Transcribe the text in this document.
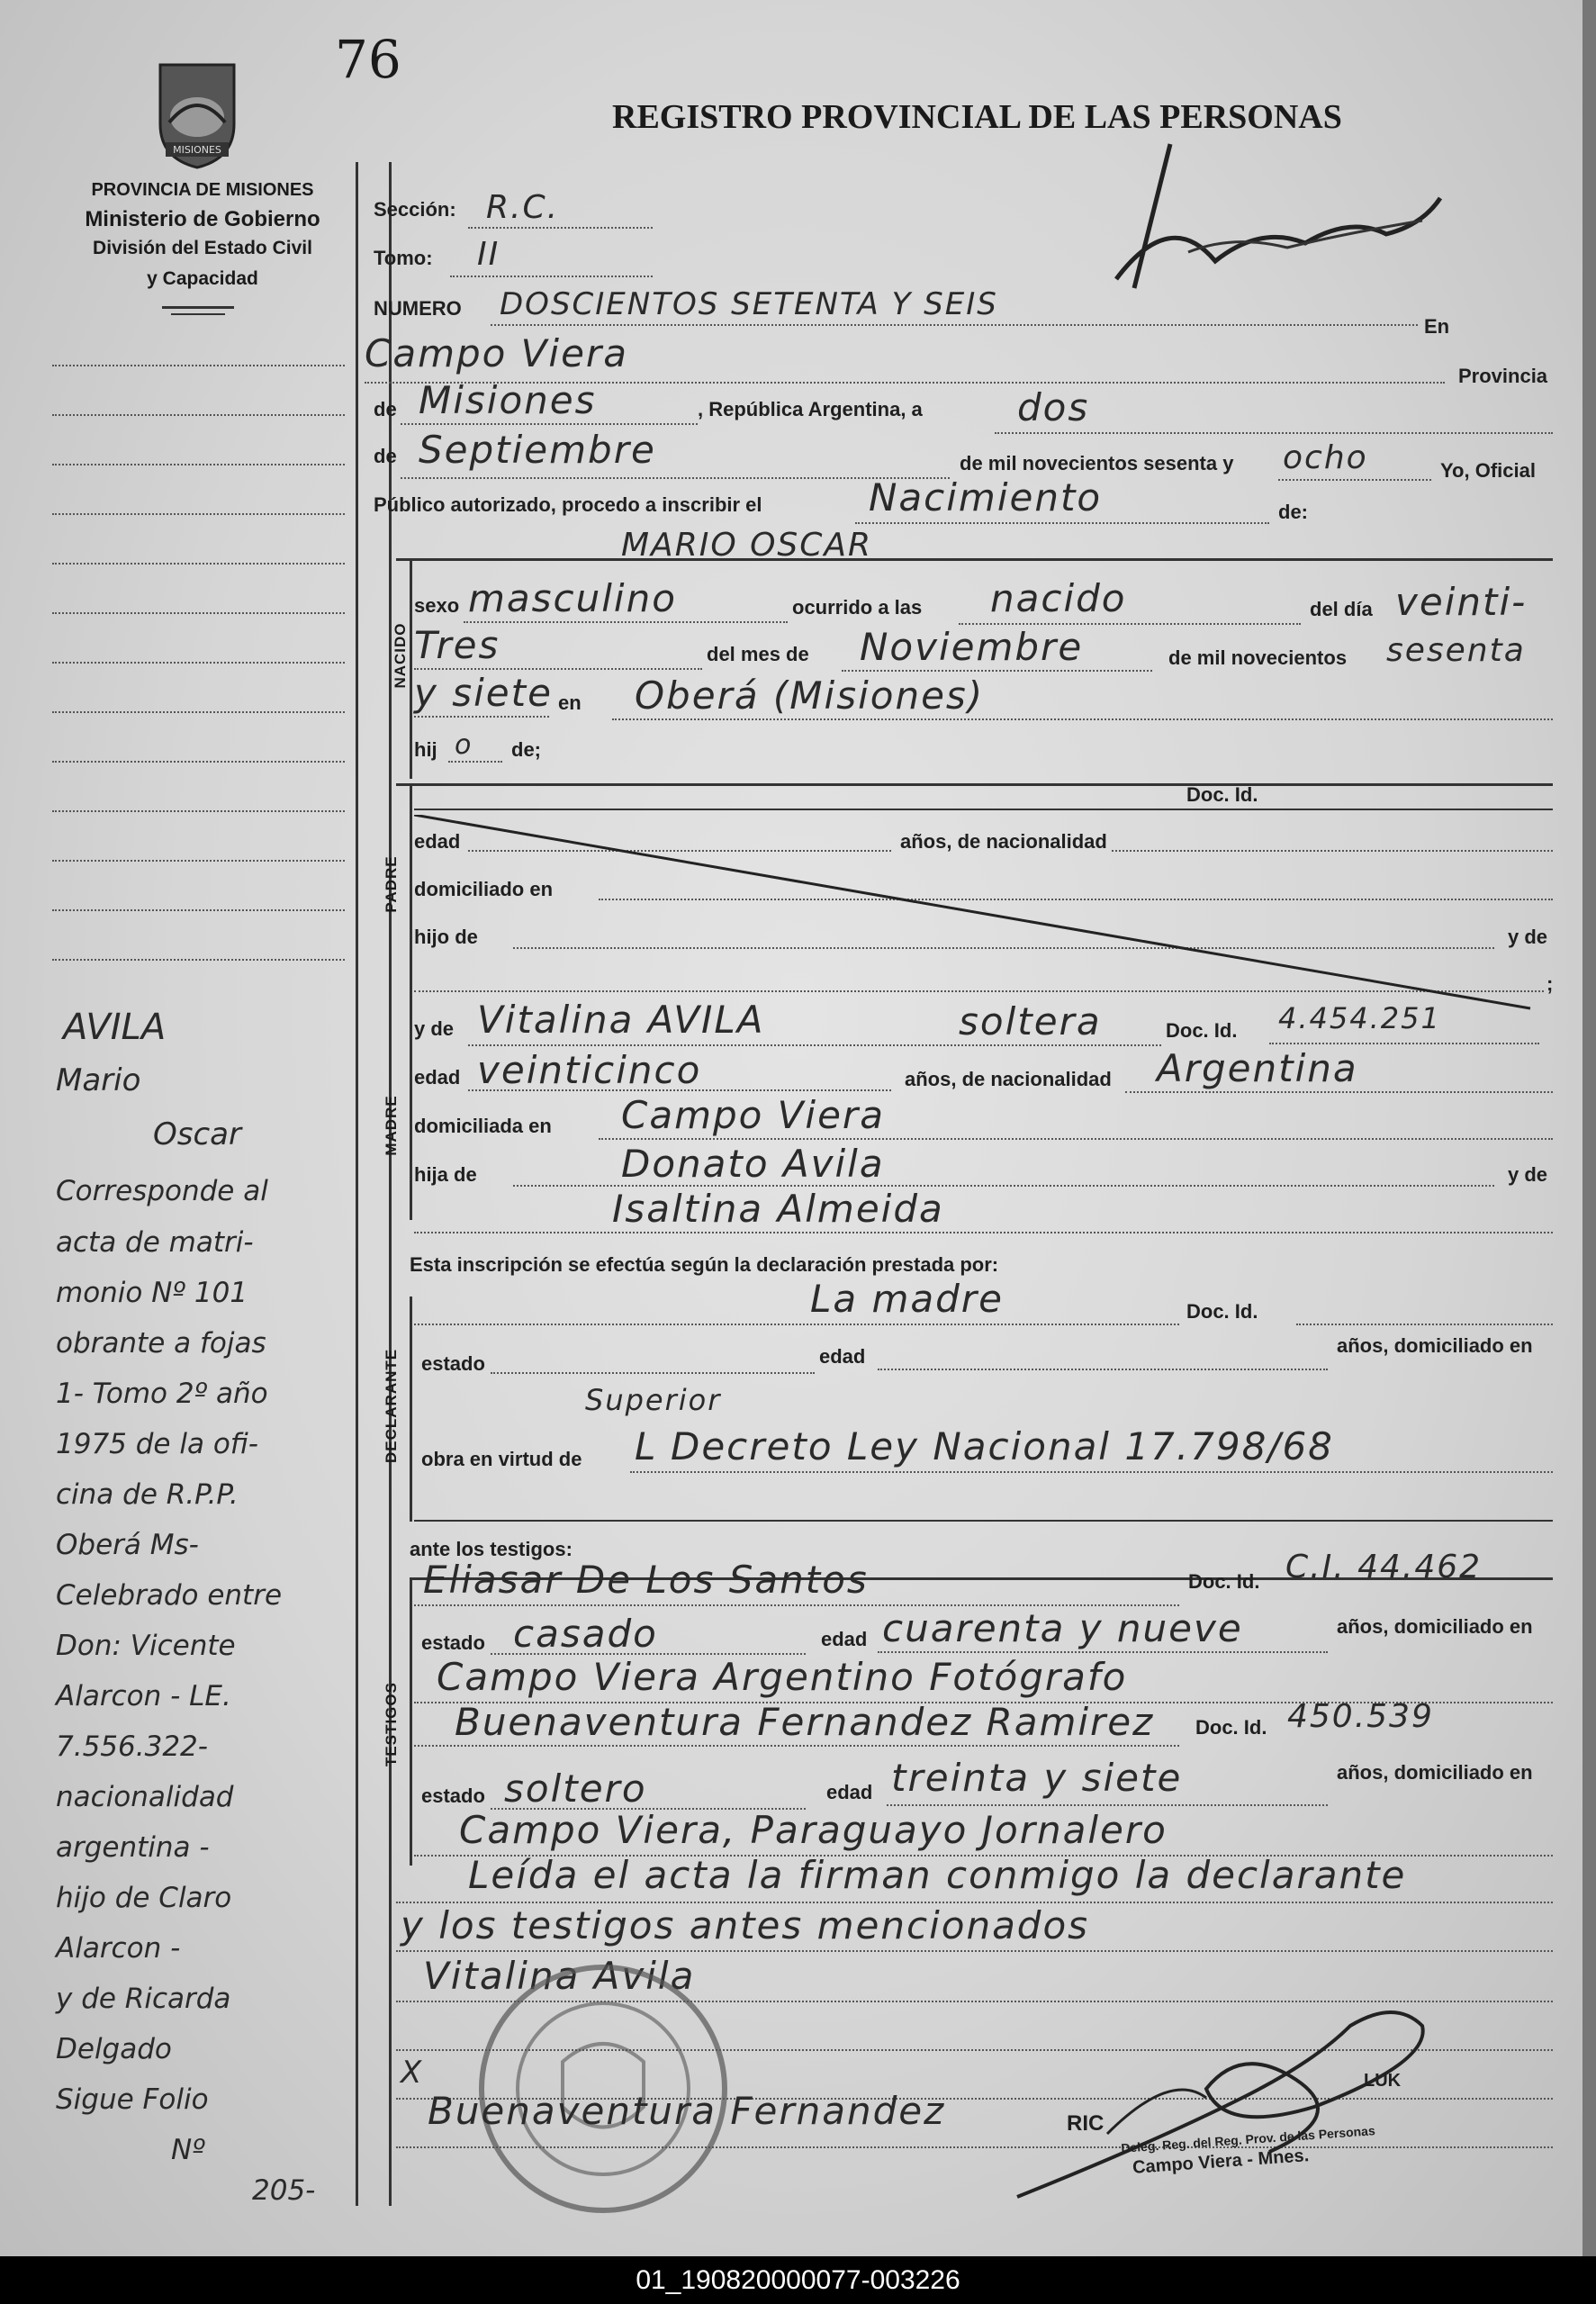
76
REGISTRO PROVINCIAL DE LAS PERSONAS
MISIONES
PROVINCIA DE MISIONES
Ministerio de Gobierno
División del Estado Civil
y Capacidad
AVILA
Mario
Oscar
Corresponde al
acta de matri-
monio Nº 101
obrante a fojas
1- Tomo 2º año
1975 de la ofi-
cina de R.P.P.
Oberá Ms-
Celebrado entre
Don: Vicente
Alarcon - LE.
7.556.322-
nacionalidad
argentina -
hijo de Claro
Alarcon -
y de Ricarda
Delgado
Sigue Folio
Nº
205-
Sección: R.C.
Tomo: II
NUMERO DOSCIENTOS SETENTA Y SEIS
En
Campo Viera
Provincia
de Misiones	, República Argentina, a	dos
de Septiembre	de mil novecientos sesenta y ocho	Yo, Oficial
Público autorizado, procedo a inscribir el	Nacimiento	de:
NACIDO
MARIO OSCAR
sexo masculino	ocurrido a las nacido	del día veinti-
Tres	del mes de Noviembre	de mil novecientos sesenta
y siete en Oberá (Misiones)
hij o de;
PADRE
Doc. Id.
edad	años, de nacionalidad
domiciliado en
hijo de	y de
;
MADRE
y de Vitalina AVILA	soltera	Doc. Id. 4.454.251
edad veinticinco	años, de nacionalidad Argentina
domiciliada en Campo Viera
hija de	Donato Avila	y de
Isaltina Almeida
Esta inscripción se efectúa según la declaración prestada por:
DECLARANTE
La madre	Doc. Id.
estado	edad	años, domiciliado en
Superior
obra en virtud de L Decreto Ley Nacional 17.798/68
ante los testigos:
TESTIGOS
Eliasar De Los Santos	Doc. Id. C.I. 44.462
estado casado	edad cuarenta y nueve	años, domiciliado en
Campo Viera Argentino Fotógrafo
Buenaventura Fernandez Ramirez Doc. Id. 450.539
estado soltero	edad treinta y siete	años, domiciliado en
Campo Viera, Paraguayo Jornalero
Leída el acta la firman conmigo la declarante
y los testigos antes mencionados
Vitalina Avila
X
Buenaventura Fernandez	RIC
LUK
Deleg. Reg. del Reg. Prov. de las Personas
Campo Viera - Mnes.
01_190820000077-003226
